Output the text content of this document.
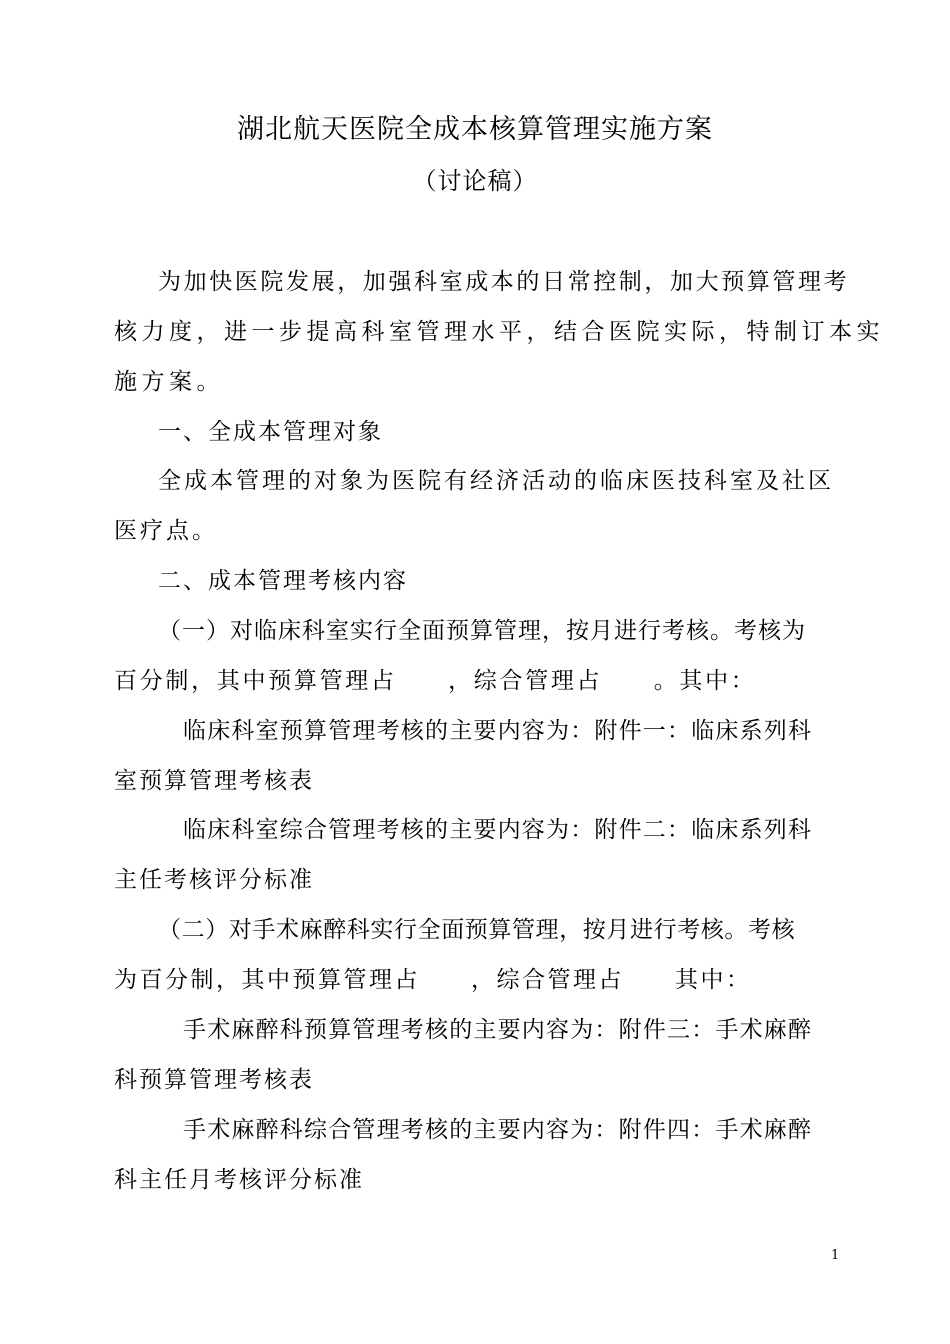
湖北航天医院全成本核算管理实施方案
（讨论稿）
为加快医院发展，加强科室成本的日常控制，加大预算管理考
核力度，进一步提高科室管理水平，结合医院实际，特制订本实
施方案。
一、全成本管理对象
全成本管理的对象为医院有经济活动的临床医技科室及社区
医疗点。
二、成本管理考核内容
（一）对临床科室实行全面预算管理，按月进行考核。考核为
百分制，其中预算管理占　　，综合管理占　　。其中：
临床科室预算管理考核的主要内容为：附件一：临床系列科
室预算管理考核表
临床科室综合管理考核的主要内容为：附件二：临床系列科
主任考核评分标准
（二）对手术麻醉科实行全面预算管理，按月进行考核。考核
为百分制，其中预算管理占　　，综合管理占　　其中：
手术麻醉科预算管理考核的主要内容为：附件三：手术麻醉
科预算管理考核表
手术麻醉科综合管理考核的主要内容为：附件四：手术麻醉
科主任月考核评分标准
1
